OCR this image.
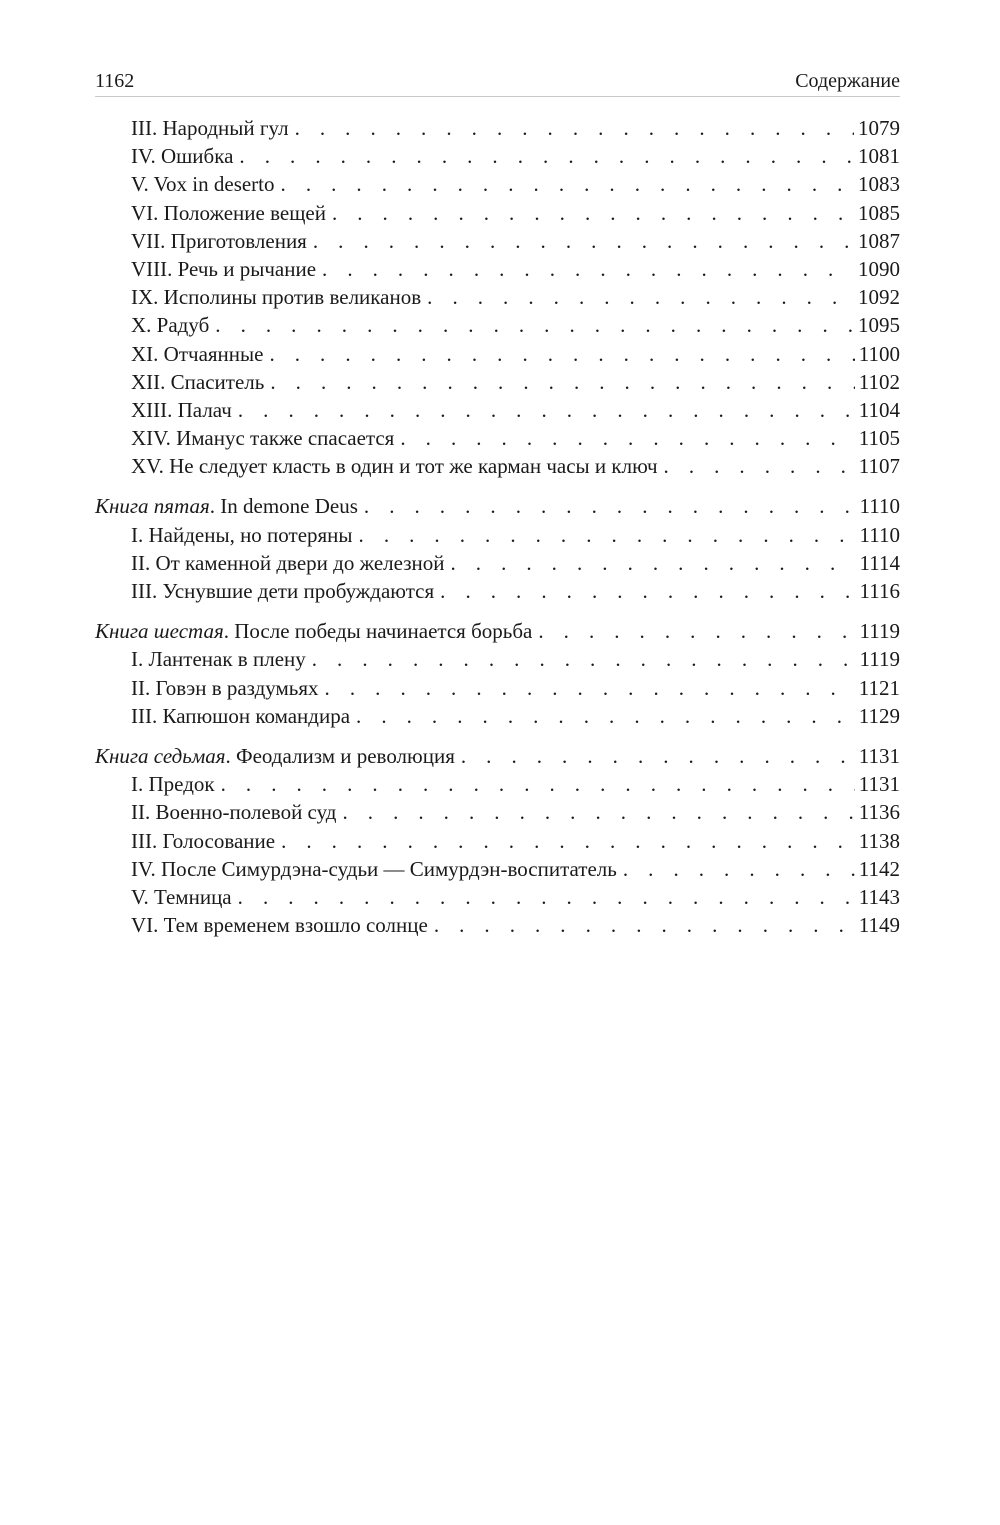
1162	Содержание
III. Народный гул . . .	1079
IV. Ошибка . . .	1081
V. Vox in deserto . . .	1083
VI. Положение вещей . . .	1085
VII. Приготовления . . .	1087
VIII. Речь и рычание . . .	1090
IX. Исполины против великанов . . .	1092
X. Радуб . . .	1095
XI. Отчаянные . . .	1100
XII. Спаситель . . .	1102
XIII. Палач . . .	1104
XIV. Иманус также спасается . . .	1105
XV. Не следует класть в один и тот же карман часы и ключ . . .	1107
Книга пятая. In demone Deus . . .	1110
I. Найдены, но потеряны . . .	1110
II. От каменной двери до железной . . .	1114
III. Уснувшие дети пробуждаются . . .	1116
Книга шестая. После победы начинается борьба . . .	1119
I. Лантенак в плену . . .	1119
II. Говэн в раздумьях . . .	1121
III. Капюшон командира . . .	1129
Книга седьмая. Феодализм и революция . . .	1131
I. Предок . . .	1131
II. Военно-полевой суд . . .	1136
III. Голосование . . .	1138
IV. После Симурдэна-судьи — Симурдэн-воспитатель . . .	1142
V. Темница . . .	1143
VI. Тем временем взошло солнце . . .	1149
